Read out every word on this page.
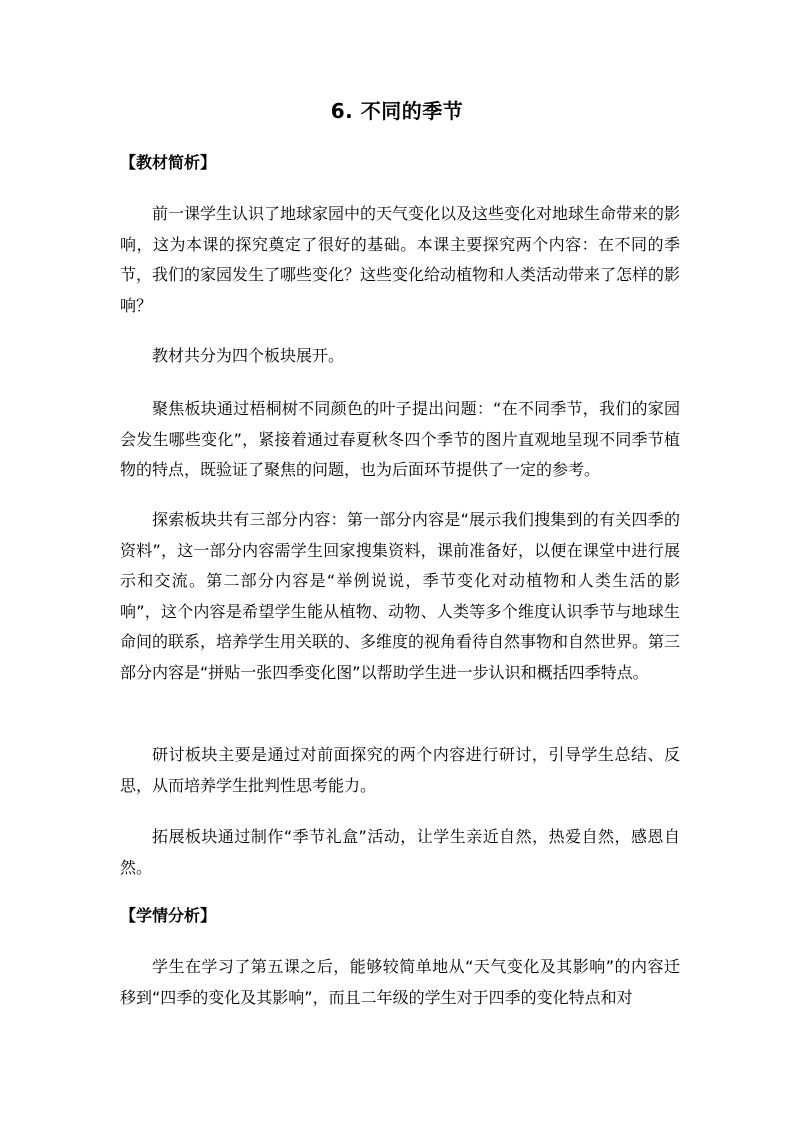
6. 不同的季节
【教材简析】

前一课学生认识了地球家园中的天气变化以及这些变化对地球生命带来的影响，这为本课的探究奠定了很好的基础。本课主要探究两个内容：在不同的季节，我们的家园发生了哪些变化？这些变化给动植物和人类活动带来了怎样的影响？

教材共分为四个板块展开。

聚焦板块通过梧桐树不同颜色的叶子提出问题：“在不同季节，我们的家园会发生哪些变化”，紧接着通过春夏秋冬四个季节的图片直观地呈现不同季节植物的特点，既验证了聚焦的问题，也为后面环节提供了一定的参考。

探索板块共有三部分内容：第一部分内容是“展示我们搜集到的有关四季的资料”，这一部分内容需学生回家搜集资料，课前准备好，以便在课堂中进行展示和交流。第二部分内容是“举例说说，季节变化对动植物和人类生活的影响”，这个内容是希望学生能从植物、动物、人类等多个维度认识季节与地球生命间的联系，培养学生用关联的、多维度的视角看待自然事物和自然世界。第三部分内容是“拼贴一张四季变化图”以帮助学生进一步认识和概括四季特点。

研讨板块主要是通过对前面探究的两个内容进行研讨，引导学生总结、反思，从而培养学生批判性思考能力。

拓展板块通过制作“季节礼盒”活动，让学生亲近自然，热爱自然，感恩自然。

【学情分析】

学生在学习了第五课之后，能够较简单地从“天气变化及其影响”的内容迁移到“四季的变化及其影响”，而且二年级的学生对于四季的变化特点和对
